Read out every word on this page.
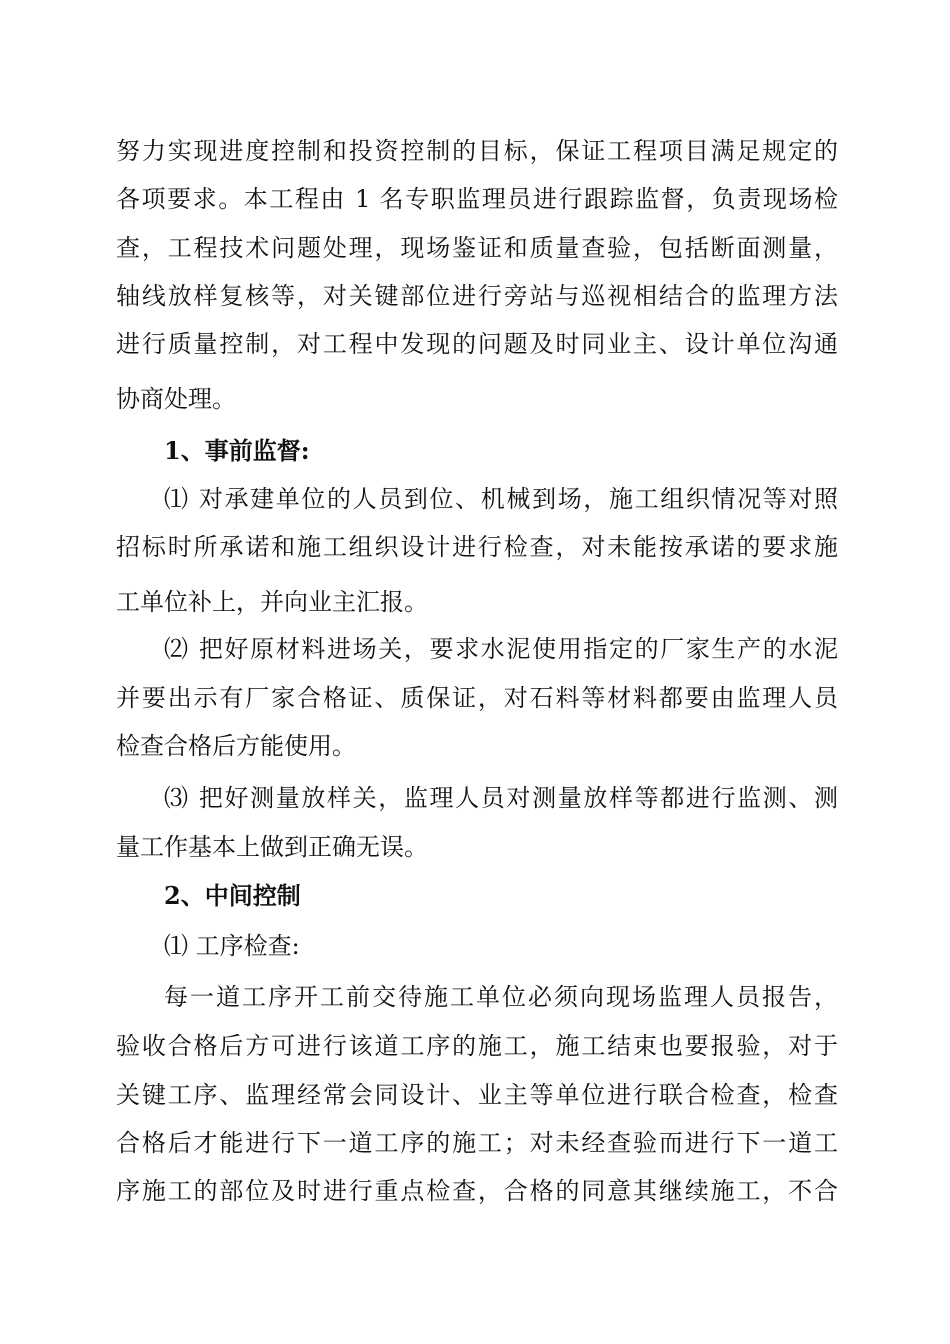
努力实现进度控制和投资控制的目标，保证工程项目满足规定的
各项要求。本工程由 1 名专职监理员进行跟踪监督，负责现场检
查，工程技术问题处理，现场鉴证和质量查验，包括断面测量，
轴线放样复核等，对关键部位进行旁站与巡视相结合的监理方法
进行质量控制，对工程中发现的问题及时同业主、设计单位沟通
协商处理。
1、事前监督:
⑴ 对承建单位的人员到位、机械到场，施工组织情况等对照
招标时所承诺和施工组织设计进行检查，对未能按承诺的要求施
工单位补上，并向业主汇报。
⑵ 把好原材料进场关，要求水泥使用指定的厂家生产的水泥
并要出示有厂家合格证、质保证，对石料等材料都要由监理人员
检查合格后方能使用。
⑶ 把好测量放样关，监理人员对测量放样等都进行监测、测
量工作基本上做到正确无误。
2、中间控制
⑴ 工序检查:
每一道工序开工前交待施工单位必须向现场监理人员报告，
验收合格后方可进行该道工序的施工，施工结束也要报验，对于
关键工序、监理经常会同设计、业主等单位进行联合检查，检查
合格后才能进行下一道工序的施工；对未经查验而进行下一道工
序施工的部位及时进行重点检查，合格的同意其继续施工，不合
